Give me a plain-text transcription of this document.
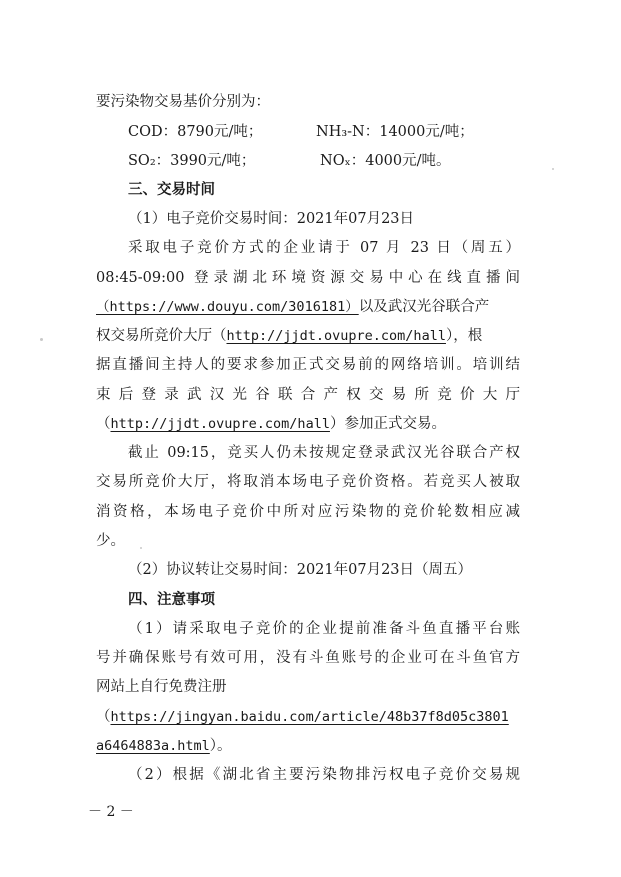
要污染物交易基价分别为：
COD：8790元/吨；	NH₃-N：14000元/吨；
SO₂：3990元/吨；	NOₓ：4000元/吨。
三、交易时间
（1）电子竞价交易时间：2021年07月23日
采取电子竞价方式的企业请于 07 月 23 日（周五）
08:45-09:00 登录湖北环境资源交易中心在线直播间
（https://www.douyu.com/3016181）以及武汉光谷联合产
权交易所竞价大厅（http://jjdt.ovupre.com/hall），根
据直播间主持人的要求参加正式交易前的网络培训。培训结
束后登录武汉光谷联合产权交易所竞价大厅
（http://jjdt.ovupre.com/hall）参加正式交易。
截止 09:15，竞买人仍未按规定登录武汉光谷联合产权
交易所竞价大厅，将取消本场电子竞价资格。若竞买人被取
消资格，本场电子竞价中所对应污染物的竞价轮数相应减
少。
（2）协议转让交易时间：2021年07月23日（周五）
四、注意事项
（1）请采取电子竞价的企业提前准备斗鱼直播平台账
号并确保账号有效可用，没有斗鱼账号的企业可在斗鱼官方
网站上自行免费注册
（https://jingyan.baidu.com/article/48b37f8d05c3801
a6464883a.html）。
（2）根据《湖北省主要污染物排污权电子竞价交易规
－ 2 －
